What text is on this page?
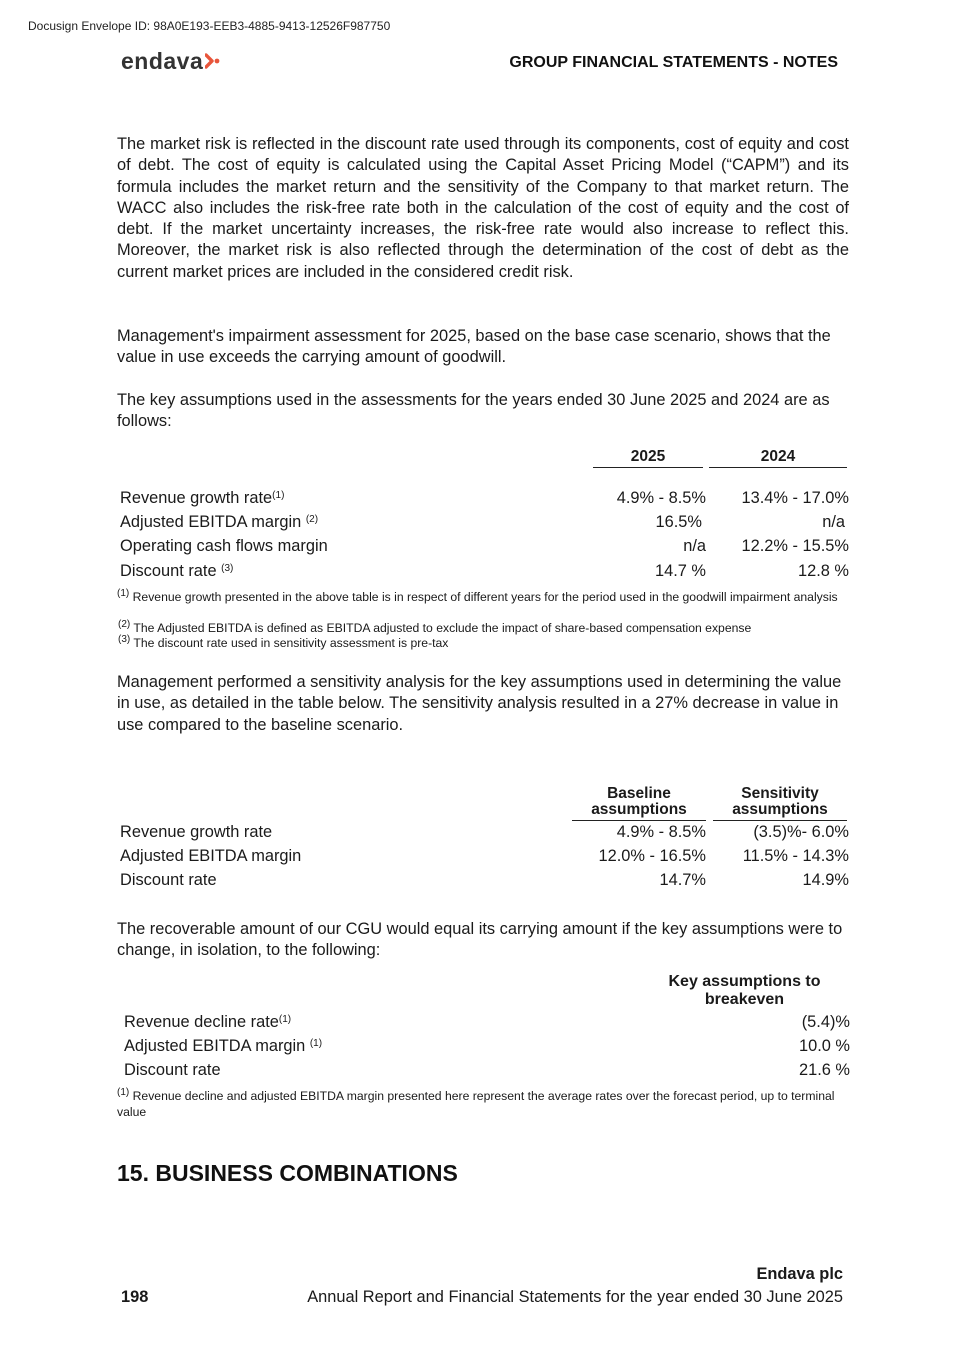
Docusign Envelope ID: 98A0E193-EEB3-4885-9413-12526F987750
endava	GROUP FINANCIAL STATEMENTS - NOTES

The market risk is reflected in the discount rate used through its components, cost of equity and cost of debt. The cost of equity is calculated using the Capital Asset Pricing Model (“CAPM”) and its formula includes the market return and the sensitivity of the Company to that market return. The WACC also includes the risk-free rate both in the calculation of the cost of equity and the cost of debt. If the market uncertainty increases, the risk-free rate would also increase to reflect this. Moreover, the market risk is also reflected through the determination of the cost of debt as the current market prices are included in the considered credit risk.

Management's impairment assessment for 2025, based on the base case scenario, shows that the value in use exceeds the carrying amount of goodwill.

The key assumptions used in the assessments for the years ended 30 June 2025 and 2024 are as follows:

2025	2024
Revenue growth rate$^{(1)}$	4.9% - 8.5%	13.4% - 17.0%
Adjusted EBITDA margin $^{(2)}$	16.5%	n/a
Operating cash flows margin	n/a	12.2% - 15.5%
Discount rate $^{(3)}$	14.7 %	12.8 %
$^{(1)}$ Revenue growth presented in the above table is in respect of different years for the period used in the goodwill impairment analysis
$^{(2)}$ The Adjusted EBITDA is defined as EBITDA adjusted to exclude the impact of share-based compensation expense
$^{(3)}$ The discount rate used in sensitivity assessment is pre-tax

Management performed a sensitivity analysis for the key assumptions used in determining the value in use, as detailed in the table below. The sensitivity analysis resulted in a 27% decrease in value in use compared to the baseline scenario.

Baseline assumptions
Sensitivity assumptions
Revenue growth rate	4.9% - 8.5%	(3.5)%- 6.0%
Adjusted EBITDA margin	12.0% - 16.5%	11.5% - 14.3%
Discount rate	14.7%	14.9%

The recoverable amount of our CGU would equal its carrying amount if the key assumptions were to change, in isolation, to the following:

Key assumptions to breakeven
Revenue decline rate$^{(1)}$	(5.4)%
Adjusted EBITDA margin $^{(1)}$	10.0 %
Discount rate	21.6 %
$^{(1)}$ Revenue decline and adjusted EBITDA margin presented here represent the average rates over the forecast period, up to terminal value
15. BUSINESS COMBINATIONS
Endava plc
198	Annual Report and Financial Statements for the year ended 30 June 2025
